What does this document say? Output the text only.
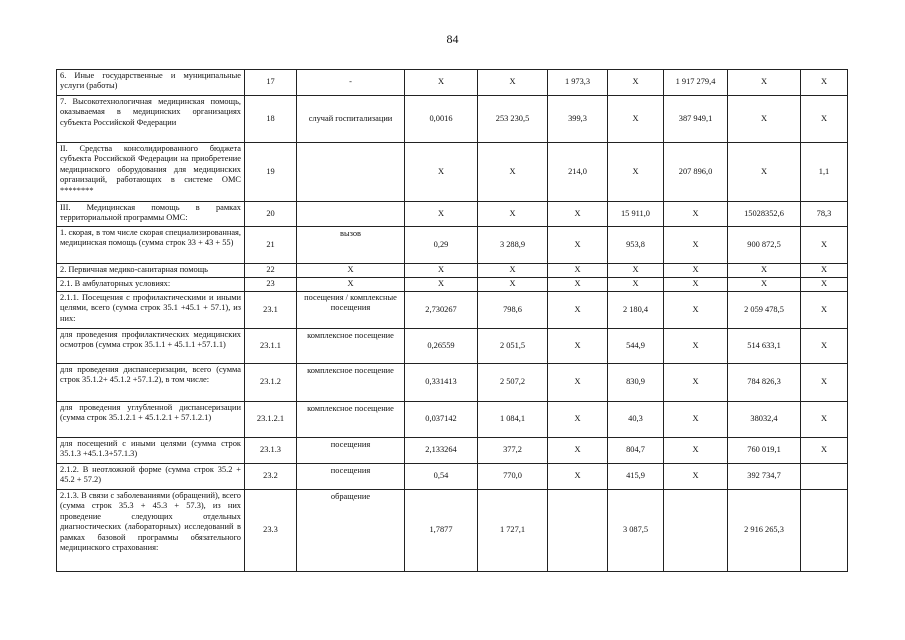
84
6. Иные государственные и муниципальные услуги (работы)	17	-	Х	Х	1 973,3	Х	1 917 279,4	Х	Х
7. Высокотехнологичная медицинская помощь, оказываемая в медицинских организациях субъекта Российской Федерации	18	случай госпитализации	0,0016	253 230,5	399,3	Х	387 949,1	Х	Х
II. Средства консолидированного бюджета субъекта Российской Федерации на приобретение медицинского оборудования для медицинских организаций, работающих в системе ОМС ********	19		Х	Х	214,0	Х	207 896,0	Х	1,1
III. Медицинская помощь в рамках территориальной программы ОМС:	20		Х	Х	Х	15 911,0	Х	15028352,6	78,3
1. скорая, в том числе скорая специализированная, медицинская помощь (сумма строк 33 + 43 + 55)	21	вызов	0,29	3 288,9	Х	953,8	Х	900 872,5	Х
2. Первичная медико-санитарная помощь	22	Х	Х	Х	Х	Х	Х	Х	Х
2.1. В амбулаторных условиях:	23	Х	Х	Х	Х	Х	Х	Х	Х
2.1.1. Посещения с профилактическими и иными целями, всего (сумма строк 35.1 +45.1 + 57.1), из них:	23.1	посещения / комплексные посещения	2,730267	798,6	Х	2 180,4	Х	2 059 478,5	Х
для проведения профилактических медицинских осмотров (сумма строк 35.1.1 + 45.1.1 +57.1.1)	23.1.1	комплексное посещение	0,26559	2 051,5	Х	544,9	Х	514 633,1	Х
для проведения диспансеризации, всего (сумма строк 35.1.2+ 45.1.2 +57.1.2), в том числе:	23.1.2	комплексное посещение	0,331413	2 507,2	Х	830,9	Х	784 826,3	Х
для проведения углубленной диспансеризации (сумма строк 35.1.2.1 + 45.1.2.1 + 57.1.2.1)	23.1.2.1	комплексное посещение	0,037142	1 084,1	Х	40,3	Х	38032,4	Х
для посещений с иными целями (сумма строк 35.1.3 +45.1.3+57.1.3)	23.1.3	посещения	2,133264	377,2	Х	804,7	Х	760 019,1	Х
2.1.2. В неотложной форме (сумма строк 35.2 + 45.2 + 57.2)	23.2	посещения	0,54	770,0	Х	415,9	Х	392 734,7	
2.1.3. В связи с заболеваниями (обращений), всего (сумма строк 35.3 + 45.3 + 57.3), из них проведение следующих отдельных диагностических (лабораторных) исследований в рамках базовой программы обязательного медицинского страхования:	23.3	обращение	1,7877	1 727,1		3 087,5		2 916 265,3	
